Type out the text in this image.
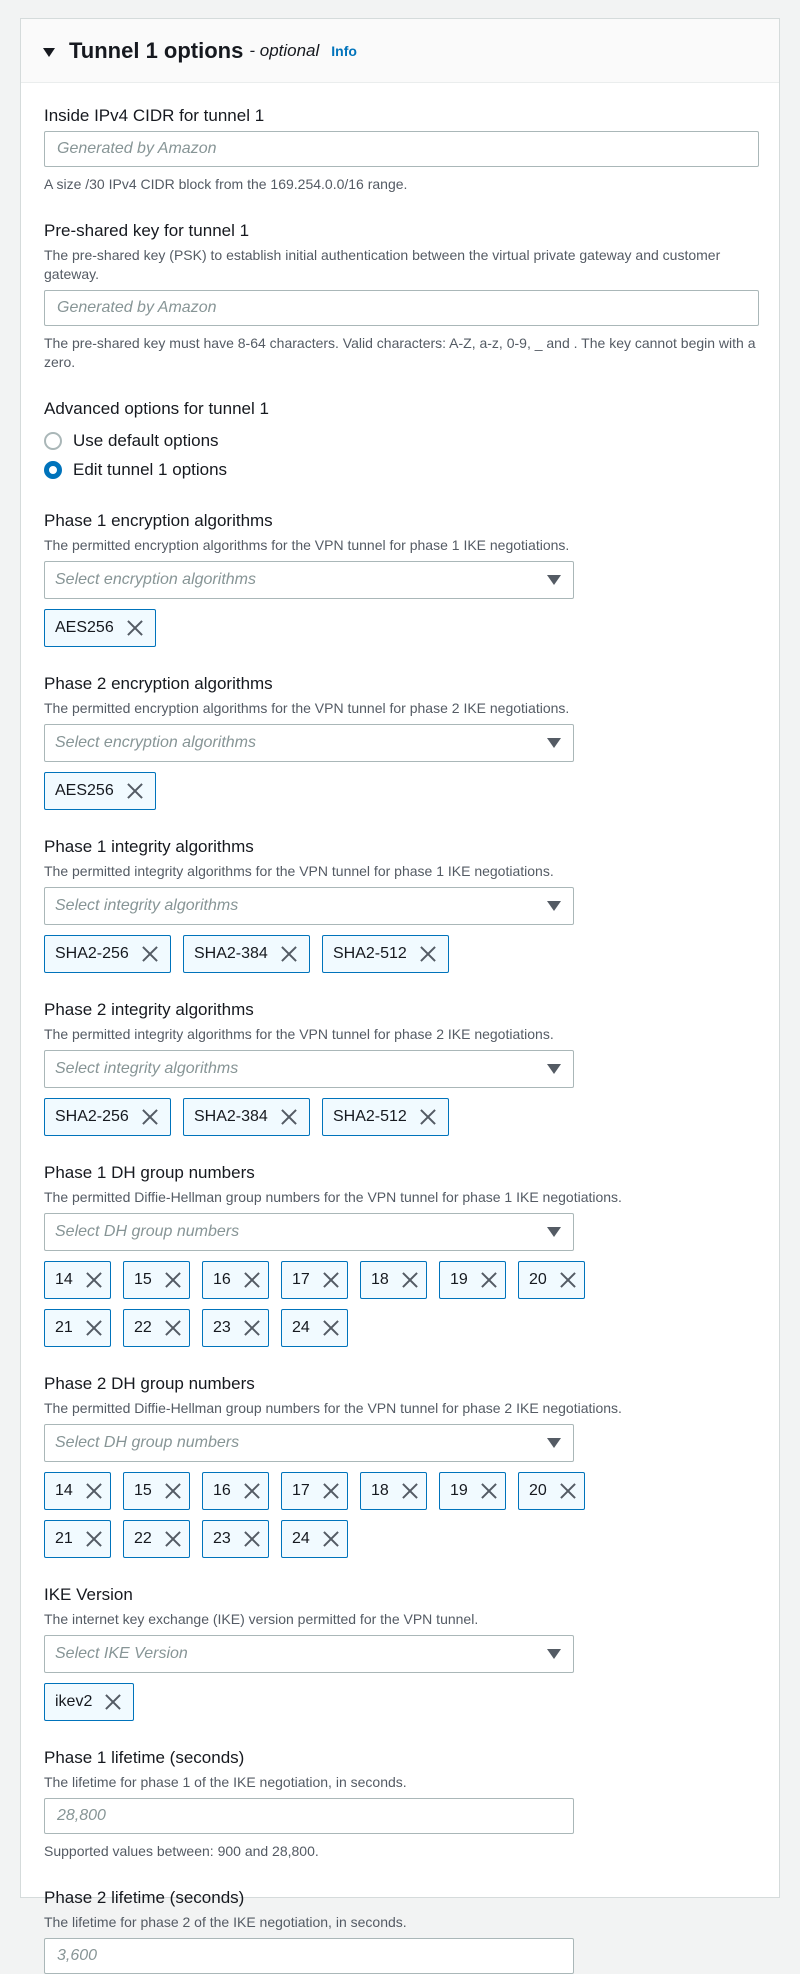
Tunnel 1 options - optional Info
Inside IPv4 CIDR for tunnel 1
Generated by Amazon
A size /30 IPv4 CIDR block from the 169.254.0.0/16 range.
Pre-shared key for tunnel 1
The pre-shared key (PSK) to establish initial authentication between the virtual private gateway and customer gateway.
Generated by Amazon
The pre-shared key must have 8-64 characters. Valid characters: A-Z, a-z, 0-9, _ and . The key cannot begin with a zero.
Advanced options for tunnel 1
Use default options
Edit tunnel 1 options
Phase 1 encryption algorithms
The permitted encryption algorithms for the VPN tunnel for phase 1 IKE negotiations.
Select encryption algorithms
AES256
Phase 2 encryption algorithms
The permitted encryption algorithms for the VPN tunnel for phase 2 IKE negotiations.
Select encryption algorithms
AES256
Phase 1 integrity algorithms
The permitted integrity algorithms for the VPN tunnel for phase 1 IKE negotiations.
Select integrity algorithms
SHA2-256	SHA2-384	SHA2-512
Phase 2 integrity algorithms
The permitted integrity algorithms for the VPN tunnel for phase 2 IKE negotiations.
Select integrity algorithms
SHA2-256	SHA2-384	SHA2-512
Phase 1 DH group numbers
The permitted Diffie-Hellman group numbers for the VPN tunnel for phase 1 IKE negotiations.
Select DH group numbers
14	15	16	17	18	19	20
21	22	23	24
Phase 2 DH group numbers
The permitted Diffie-Hellman group numbers for the VPN tunnel for phase 2 IKE negotiations.
Select DH group numbers
14	15	16	17	18	19	20
21	22	23	24
IKE Version
The internet key exchange (IKE) version permitted for the VPN tunnel.
Select IKE Version
ikev2
Phase 1 lifetime (seconds)
The lifetime for phase 1 of the IKE negotiation, in seconds.
28,800
Supported values between: 900 and 28,800.
Phase 2 lifetime (seconds)
The lifetime for phase 2 of the IKE negotiation, in seconds.
3,600
